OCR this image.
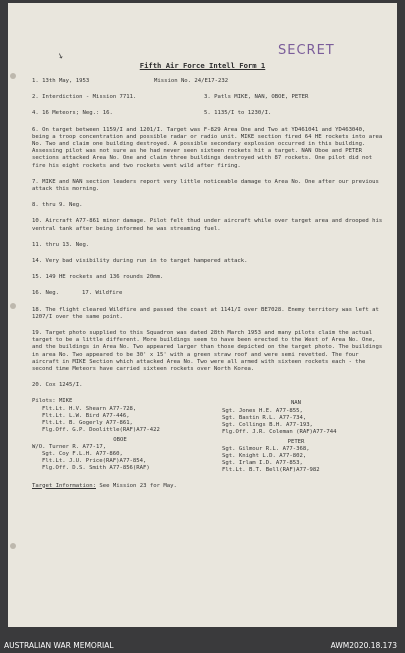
↓	SECRET
Fifth Air Force Intell Form 1
1. 13th May, 1953	Mission No. 24/E17-232
2. Interdiction - Mission 7711.	3. Patls MIKE, NAN, OBOE, PETER
4. 16 Meteors; Neg.: 16.	5. 1135/I to 1230/I.

6. On target between 1159/I and 1201/I. Target was F-829 Area One and Two at YD461041 and YD463040, being a troop concentration and possible radar or radio unit. MIKE section fired 64 HE rockets into area No. Two and claim one building destroyed. A possible secondary explosion occurred in this building. Assessing pilot was not sure as he had never seen sixteen rockets hit a target. NAN Oboe and PETER sections attacked Area No. One and claim three buildings destroyed with 87 rockets. One pilot did not fire his eight rockets and two rockets went wild after firing.

7. MIKE and NAN section leaders report very little noticeable damage to Area No. One after our previous attack this morning.

8. thru 9. Neg.

10. Aircraft A77-861 minor damage. Pilot felt thud under aircraft while over target area and drooped his ventral tank after being informed he was streaming fuel.

11. thru 13. Neg.

14. Very bad visibility during run in to target hampered attack.

15. 149 HE rockets and 136 rounds 20mm.

16. Neg.	17. Wildfire

18. The flight cleared Wildfire and passed the coast at 1141/I over BE7028. Enemy territory was left at 1207/I over the same point.

19. Target photo supplied to this Squadron was dated 28th March 1953 and many pilots claim the actual target to be a little different. More buildings seem to have been erected to the West of Area No. One, and the buildings in Area No. Two appeared larger than those depicted on the target photo. The buildings in area No. Two appeared to be 30' x 15' with a green straw roof and were semi revetted. The four aircraft in MIKE Section which attacked Area No. Two were all armed with sixteen rockets each - the second time Meteors have carried sixteen rockets over North Korea.

20. Cox 1245/I.

Pilots: MIKE
Flt.Lt. H.V. Shearn A77-728,
Flt.Lt. L.W. Bird A77-446,
Flt.Lt. B. Gogerly A77-861,
Flg.Off. G.P. Doolittle(RAF)A77-422
OBOE
W/O. Turner R. A77-17,
Sgt. Coy F.L.H. A77-860,
Flt.Lt. J.U. Price(RAF)A77-854,
Flg.Off. D.S. Smith A77-856(RAF)
NAN
Sgt. Jones H.E. A77-855,
Sgt. Bastin R.L. A77-734,
Sgt. Collings B.H. A77-193,
Flg.Off. J.R. Coleman (RAF)A77-744
PETER
Sgt. Gilmour R.L. A77-368,
Sgt. Knight L.D. A77-802,
Sgt. Irlam I.D. A77-853,
Flt.Lt. B.T. Bell(RAF)A77-982
Target Information: See Mission 23 for May.
AUSTRALIAN WAR MEMORIAL	AWM2020.18.173
